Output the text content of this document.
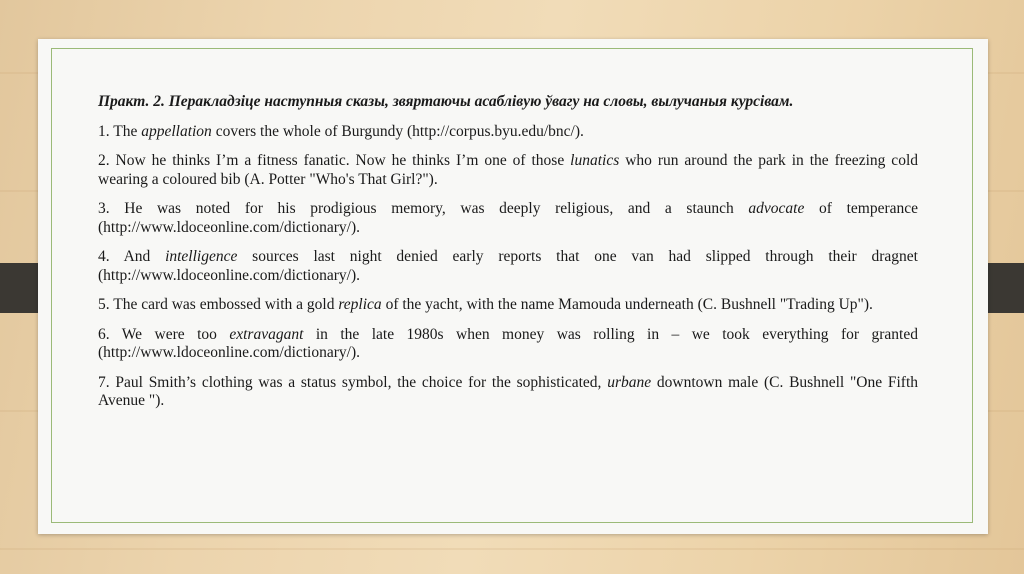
Практ. 2. Перакладзіце наступныя сказы, звяртаючы асаблівую ўвагу на словы, вылучаныя курсівам.

1. The appellation covers the whole of Burgundy (http://corpus.byu.edu/bnc/).

2. Now he thinks I’m a fitness fanatic. Now he thinks I’m one of those lunatics who run around the park in the freezing cold wearing a coloured bib (A. Potter "Who's That Girl?").

3. He was noted for his prodigious memory, was deeply religious, and a staunch advocate of temperance (http://www.ldoceonline.com/dictionary/).

4. And intelligence sources last night denied early reports that one van had slipped through their dragnet (http://www.ldoceonline.com/dictionary/).

5. The card was embossed with a gold replica of the yacht, with the name Mamouda underneath (C. Bushnell "Trading Up").

6. We were too extravagant in the late 1980s when money was rolling in – we took everything for granted (http://www.ldoceonline.com/dictionary/).

7. Paul Smith’s clothing was a status symbol, the choice for the sophisticated, urbane downtown male (C. Bushnell "One Fifth Avenue ").
